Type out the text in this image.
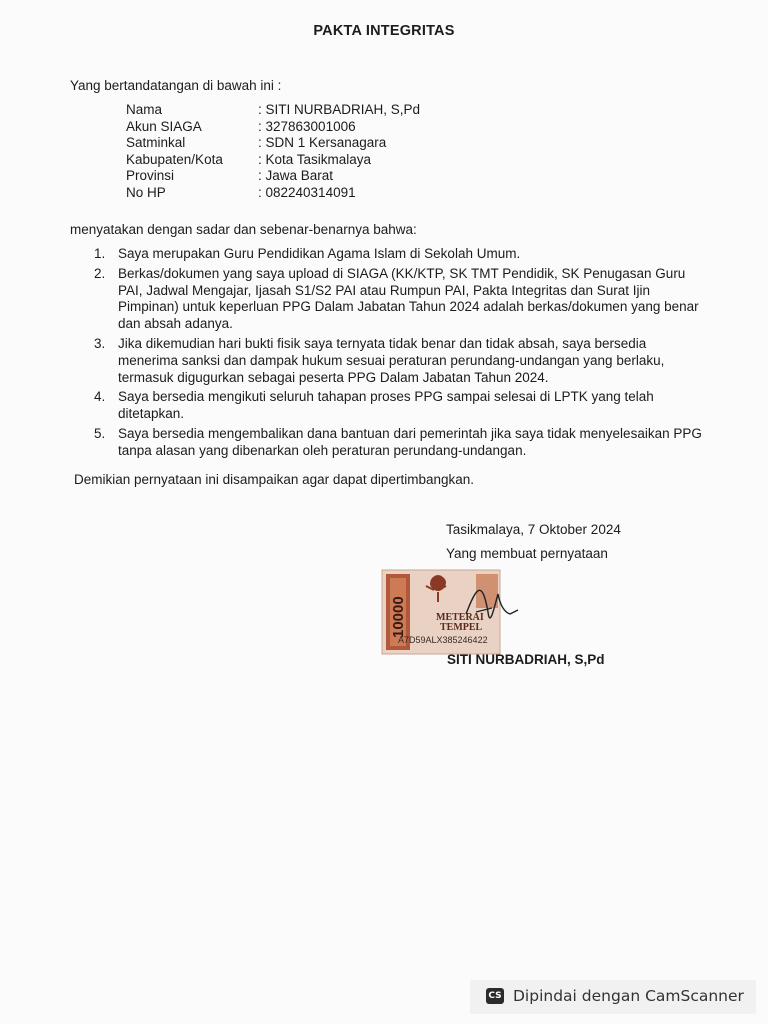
PAKTA INTEGRITAS
Yang bertandatangan di bawah ini :
Nama	: SITI NURBADRIAH, S,Pd
Akun SIAGA	: 327863001006
Satminkal	: SDN 1 Kersanagara
Kabupaten/Kota	: Kota Tasikmalaya
Provinsi	: Jawa Barat
No HP	: 082240314091
menyatakan dengan sadar dan sebenar-benarnya bahwa:
1. Saya merupakan Guru Pendidikan Agama Islam di Sekolah Umum.
2. Berkas/dokumen yang saya upload di SIAGA (KK/KTP, SK TMT Pendidik, SK Penugasan Guru PAI, Jadwal Mengajar, Ijasah S1/S2 PAI atau Rumpun PAI, Pakta Integritas dan Surat Ijin Pimpinan) untuk keperluan PPG Dalam Jabatan Tahun 2024 adalah berkas/dokumen yang benar dan absah adanya.
3. Jika dikemudian hari bukti fisik saya ternyata tidak benar dan tidak absah, saya bersedia menerima sanksi dan dampak hukum sesuai peraturan perundang-undangan yang berlaku, termasuk digugurkan sebagai peserta PPG Dalam Jabatan Tahun 2024.
4. Saya bersedia mengikuti seluruh tahapan proses PPG sampai selesai di LPTK yang telah ditetapkan.
5. Saya bersedia mengembalikan dana bantuan dari pemerintah jika saya tidak menyelesaikan PPG tanpa alasan yang dibenarkan oleh peraturan perundang-undangan.
Demikian pernyataan ini disampaikan agar dapat dipertimbangkan.
Tasikmalaya, 7 Oktober 2024
Yang membuat pernyataan
10000	METERAI
TEMPEL
A7D59ALX385246422
SITI NURBADRIAH, S,Pd
CS Dipindai dengan CamScanner
